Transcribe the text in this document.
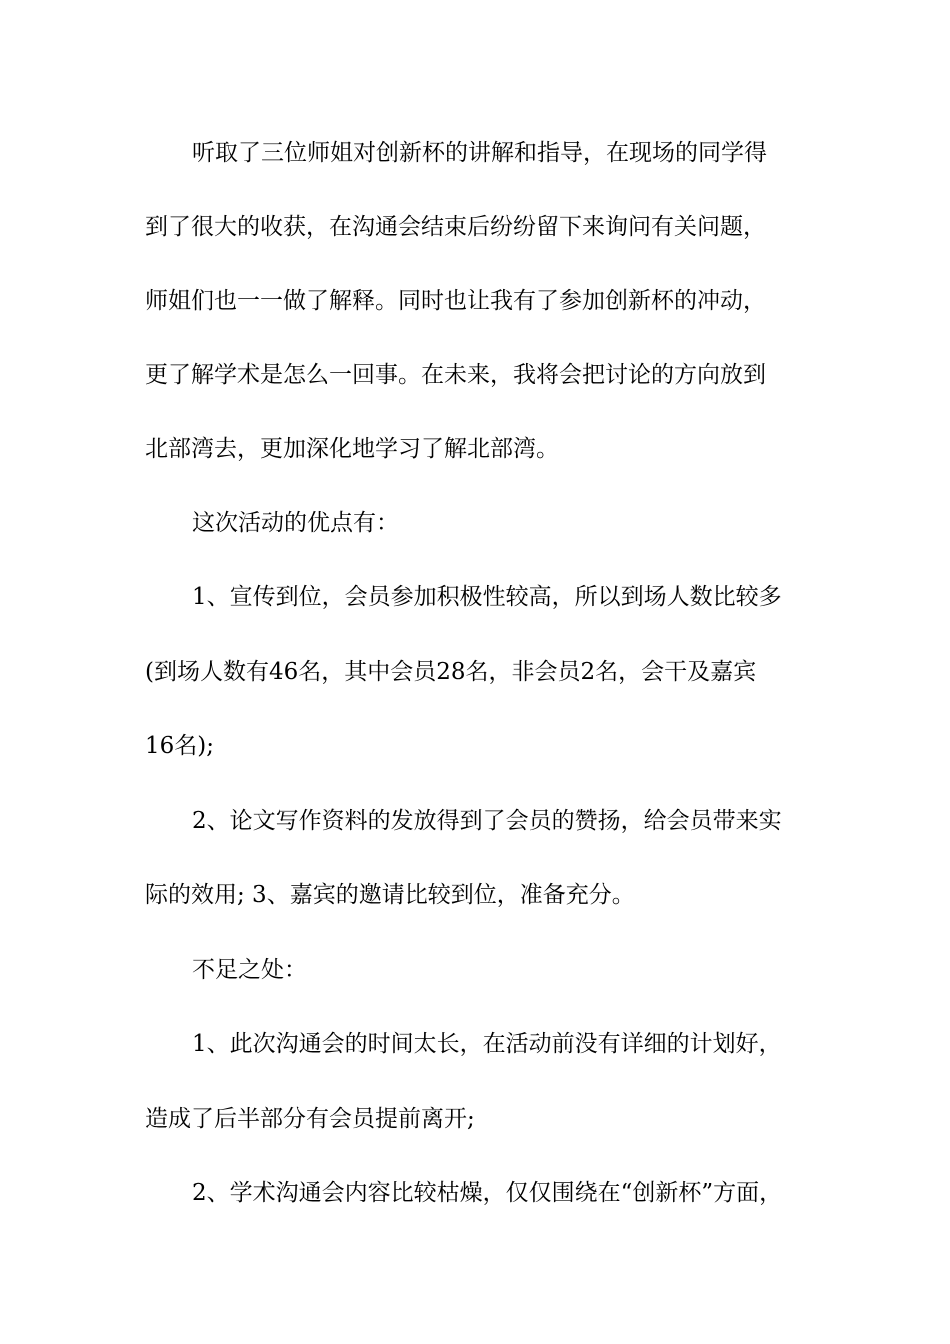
听取了三位师姐对创新杯的讲解和指导，在现场的同学得
到了很大的收获，在沟通会结束后纷纷留下来询问有关问题，
师姐们也一一做了解释。同时也让我有了参加创新杯的冲动，
更了解学术是怎么一回事。在未来，我将会把讨论的方向放到
北部湾去，更加深化地学习了解北部湾。
这次活动的优点有：
1、宣传到位，会员参加积极性较高，所以到场人数比较多
(到场人数有46名，其中会员28名，非会员2名，会干及嘉宾
16名);
2、论文写作资料的发放得到了会员的赞扬，给会员带来实
际的效用; 3、嘉宾的邀请比较到位，准备充分。
不足之处：
1、此次沟通会的时间太长，在活动前没有详细的计划好，
造成了后半部分有会员提前离开;
2、学术沟通会内容比较枯燥，仅仅围绕在“创新杯”方面，
